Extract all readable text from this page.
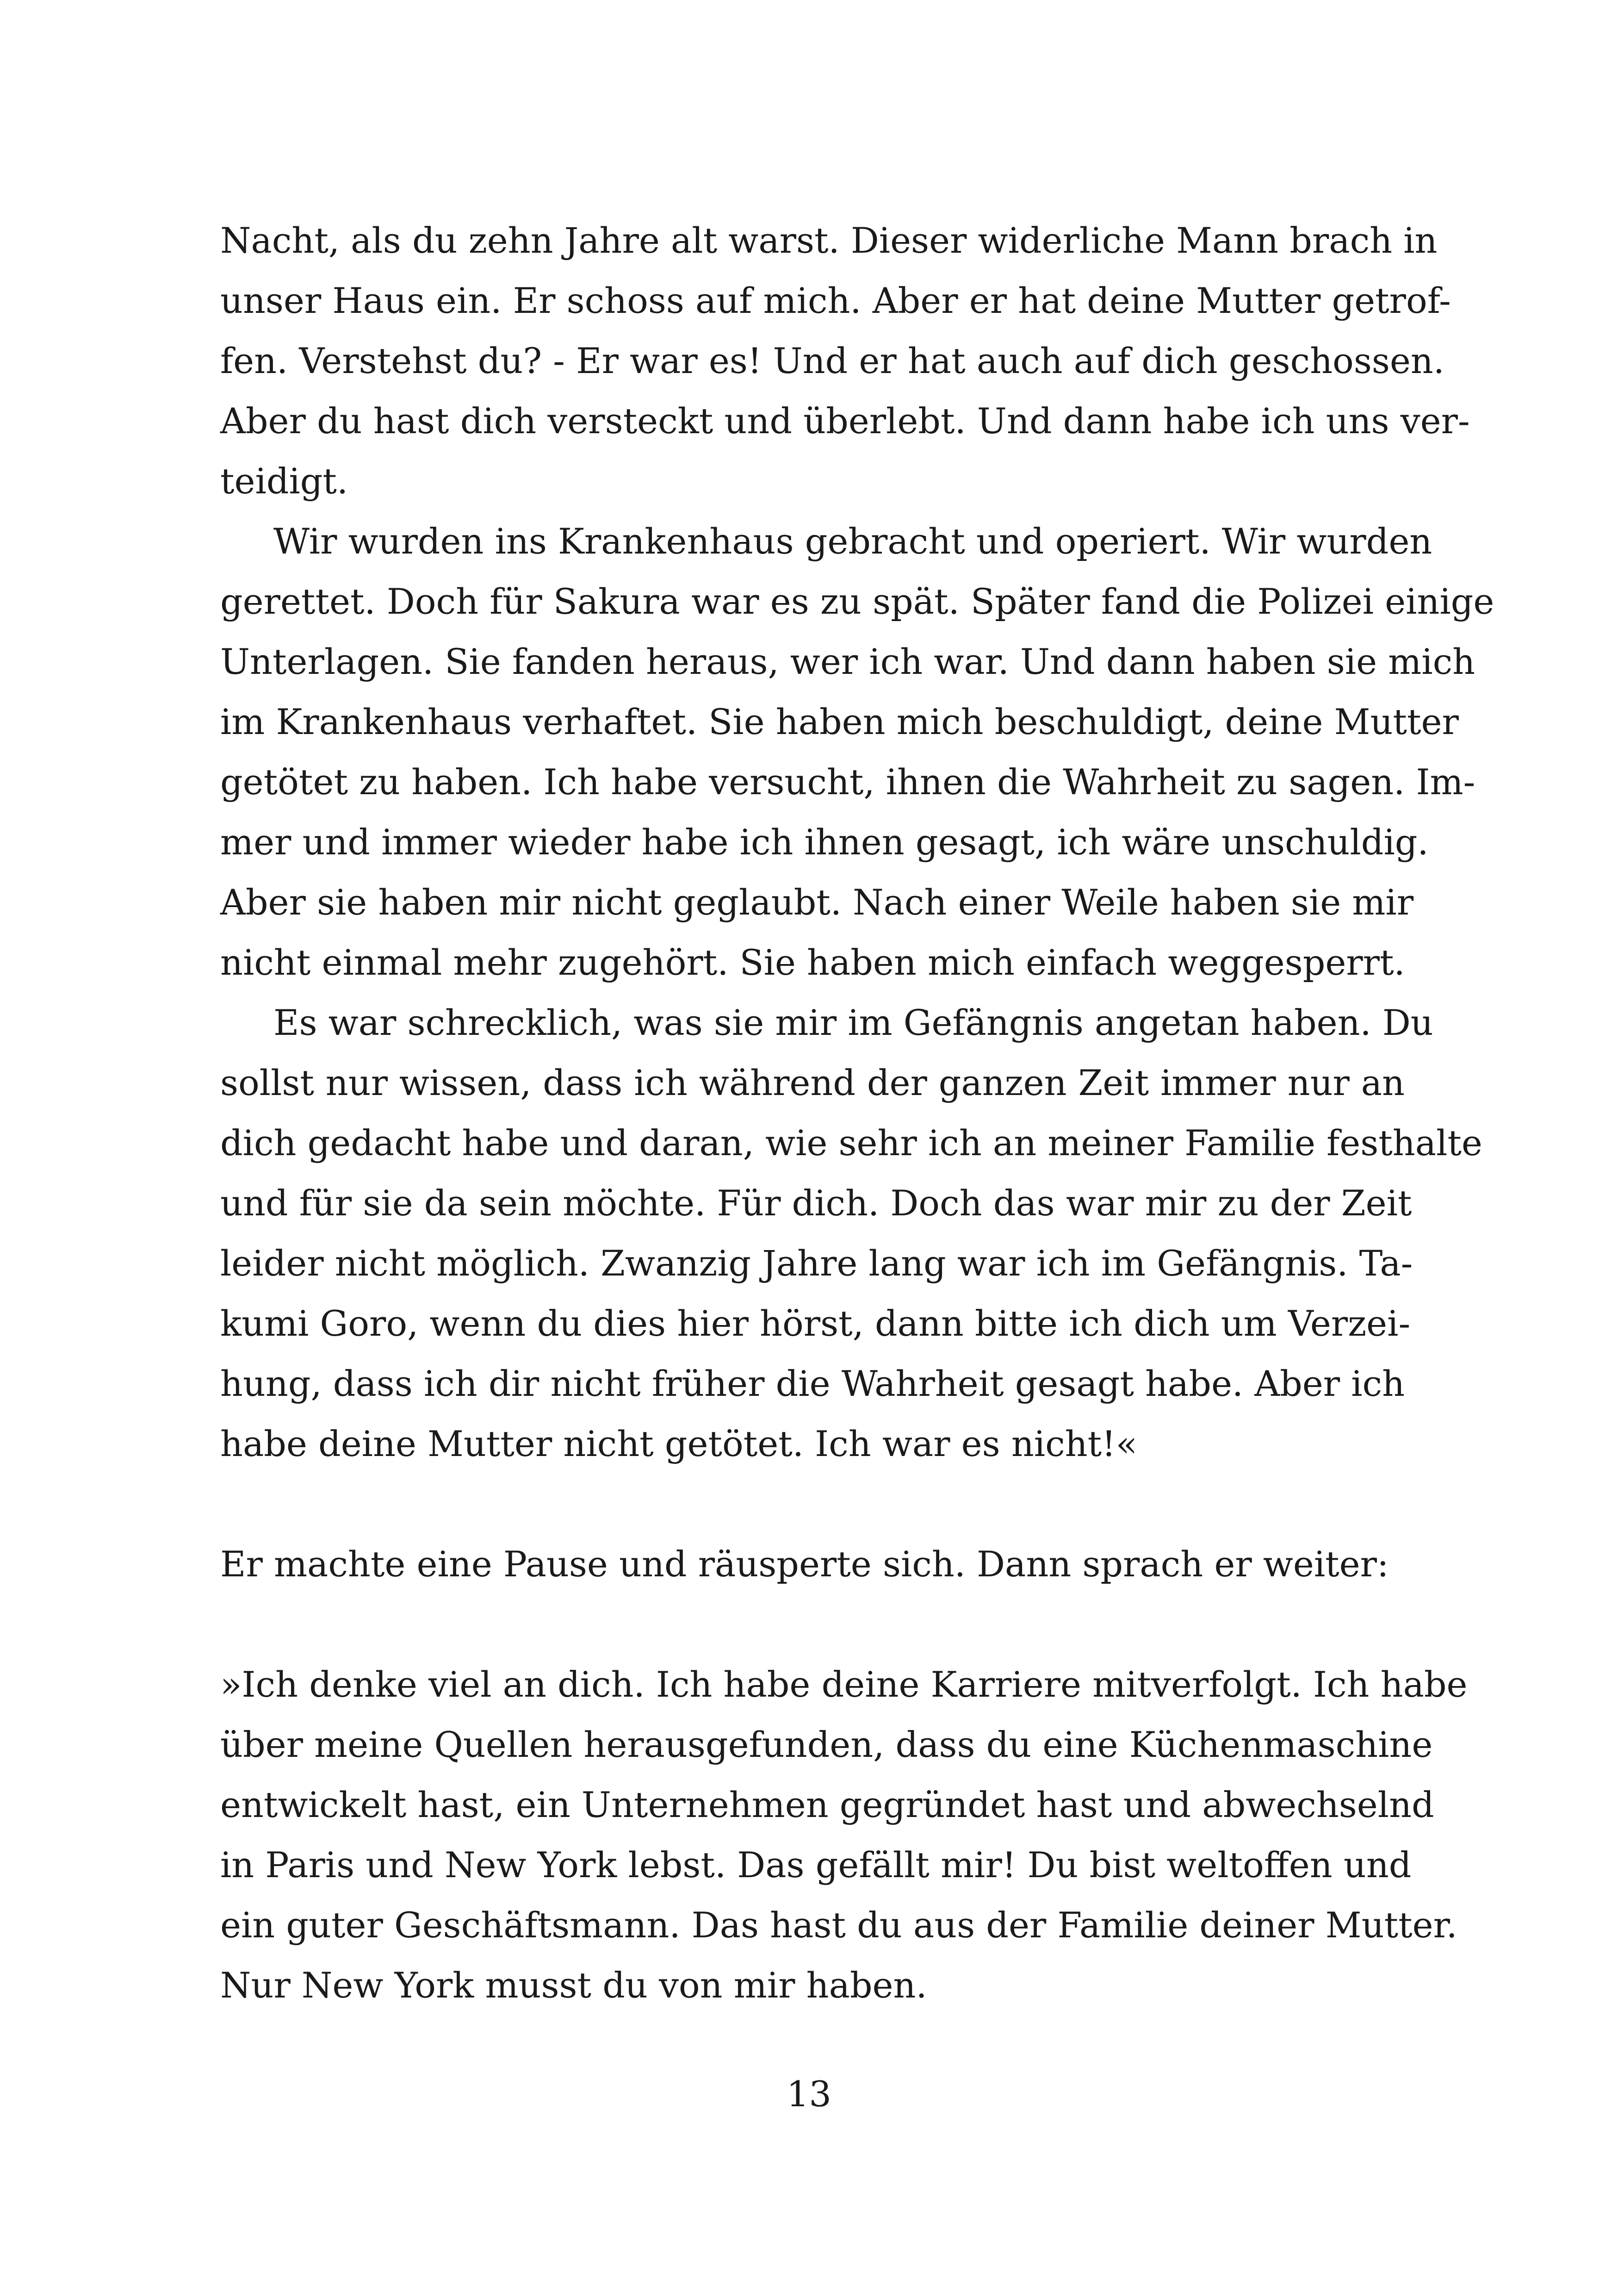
Nacht, als du zehn Jahre alt warst. Dieser widerliche Mann brach in
unser Haus ein. Er schoss auf mich. Aber er hat deine Mutter getrof-
fen. Verstehst du? - Er war es! Und er hat auch auf dich geschossen.
Aber du hast dich versteckt und überlebt. Und dann habe ich uns ver-
teidigt.

Wir wurden ins Krankenhaus gebracht und operiert. Wir wurden
gerettet. Doch für Sakura war es zu spät. Später fand die Polizei einige
Unterlagen. Sie fanden heraus, wer ich war. Und dann haben sie mich
im Krankenhaus verhaftet. Sie haben mich beschuldigt, deine Mutter
getötet zu haben. Ich habe versucht, ihnen die Wahrheit zu sagen. Im-
mer und immer wieder habe ich ihnen gesagt, ich wäre unschuldig.
Aber sie haben mir nicht geglaubt. Nach einer Weile haben sie mir
nicht einmal mehr zugehört. Sie haben mich einfach weggesperrt.

Es war schrecklich, was sie mir im Gefängnis angetan haben. Du
sollst nur wissen, dass ich während der ganzen Zeit immer nur an
dich gedacht habe und daran, wie sehr ich an meiner Familie festhalte
und für sie da sein möchte. Für dich. Doch das war mir zu der Zeit
leider nicht möglich. Zwanzig Jahre lang war ich im Gefängnis. Ta-
kumi Goro, wenn du dies hier hörst, dann bitte ich dich um Verzei-
hung, dass ich dir nicht früher die Wahrheit gesagt habe. Aber ich
habe deine Mutter nicht getötet. Ich war es nicht!«

Er machte eine Pause und räusperte sich. Dann sprach er weiter:

»Ich denke viel an dich. Ich habe deine Karriere mitverfolgt. Ich habe
über meine Quellen herausgefunden, dass du eine Küchenmaschine
entwickelt hast, ein Unternehmen gegründet hast und abwechselnd
in Paris und New York lebst. Das gefällt mir! Du bist weltoffen und
ein guter Geschäftsmann. Das hast du aus der Familie deiner Mutter.
Nur New York musst du von mir haben.

13
